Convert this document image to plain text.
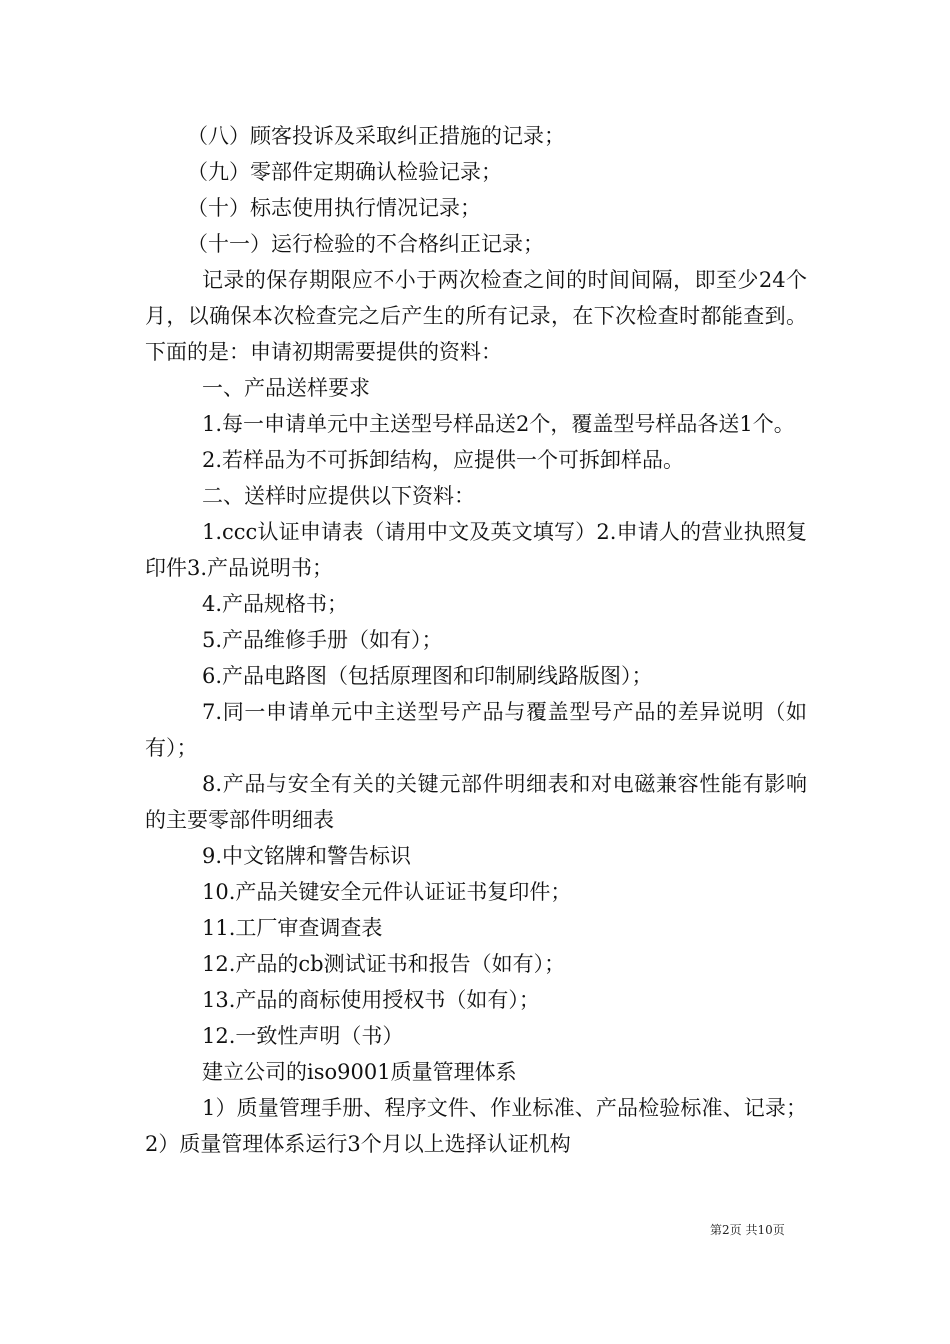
（八）顾客投诉及采取纠正措施的记录；

（九）零部件定期确认检验记录；

（十）标志使用执行情况记录；

（十一）运行检验的不合格纠正记录；

记录的保存期限应不小于两次检查之间的时间间隔，即至少24个月，以确保本次检查完之后产生的所有记录，在下次检查时都能查到。下面的是：申请初期需要提供的资料：

一、产品送样要求

1.每一申请单元中主送型号样品送2个，覆盖型号样品各送1个。

2.若样品为不可拆卸结构，应提供一个可拆卸样品。

二、送样时应提供以下资料：

1.ccc认证申请表（请用中文及英文填写）2.申请人的营业执照复印件3.产品说明书；

4.产品规格书；

5.产品维修手册（如有）；

6.产品电路图（包括原理图和印制刷线路版图）；

7.同一申请单元中主送型号产品与覆盖型号产品的差异说明（如有）；

8.产品与安全有关的关键元部件明细表和对电磁兼容性能有影响的主要零部件明细表

9.中文铭牌和警告标识

10.产品关键安全元件认证证书复印件；

11.工厂审查调查表

12.产品的cb测试证书和报告（如有）；

13.产品的商标使用授权书（如有）；

12.一致性声明（书）

建立公司的iso9001质量管理体系

1）质量管理手册、程序文件、作业标准、产品检验标准、记录；2）质量管理体系运行3个月以上选择认证机构

第2页 共10页
